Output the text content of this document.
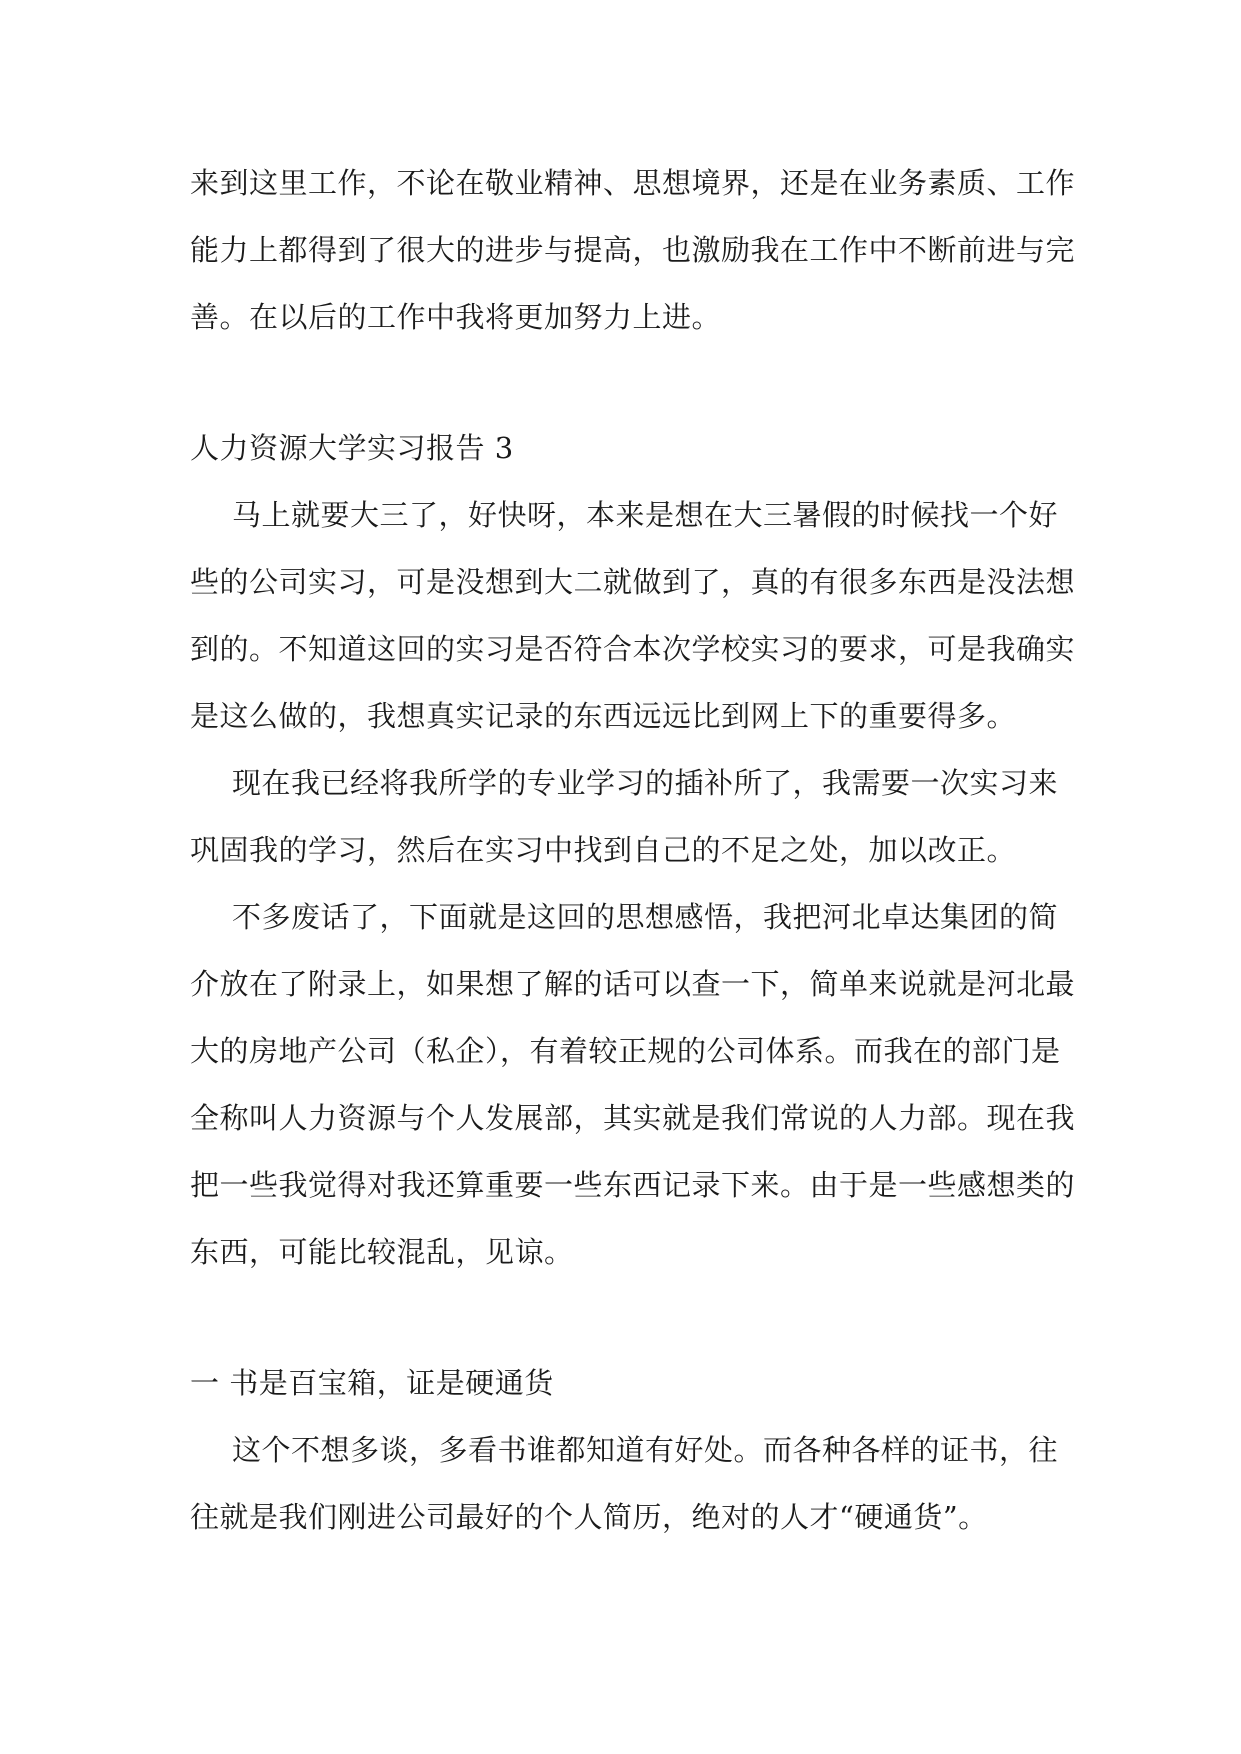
来到这里工作，不论在敬业精神、思想境界，还是在业务素质、工作
能力上都得到了很大的进步与提高，也激励我在工作中不断前进与完
善。在以后的工作中我将更加努力上进。
人力资源大学实习报告 3
马上就要大三了，好快呀，本来是想在大三暑假的时候找一个好
些的公司实习，可是没想到大二就做到了，真的有很多东西是没法想
到的。不知道这回的实习是否符合本次学校实习的要求，可是我确实
是这么做的，我想真实记录的东西远远比到网上下的重要得多。
现在我已经将我所学的专业学习的插补所了，我需要一次实习来
巩固我的学习，然后在实习中找到自己的不足之处，加以改正。
不多废话了，下面就是这回的思想感悟，我把河北卓达集团的简
介放在了附录上，如果想了解的话可以查一下，简单来说就是河北最
大的房地产公司（私企），有着较正规的公司体系。而我在的部门是
全称叫人力资源与个人发展部，其实就是我们常说的人力部。现在我
把一些我觉得对我还算重要一些东西记录下来。由于是一些感想类的
东西，可能比较混乱，见谅。
一 书是百宝箱，证是硬通货
这个不想多谈，多看书谁都知道有好处。而各种各样的证书，往
往就是我们刚进公司最好的个人简历，绝对的人才“硬通货”。
